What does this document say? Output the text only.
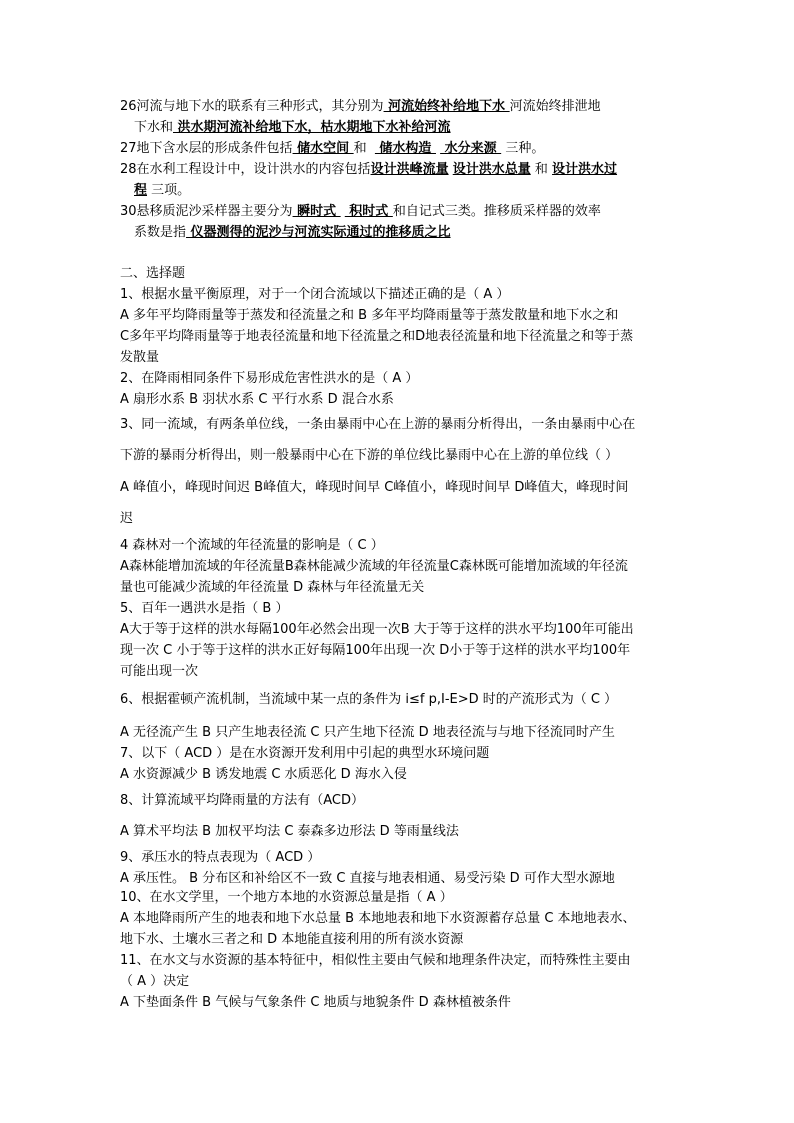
26河流与地下水的联系有三种形式，其分别为 河流始终补给地下水 河流始终排泄地
下水和 洪水期河流补给地下水，枯水期地下水补给河流
27地下含水层的形成条件包括 储水空间 和   储水构造   水分来源  三种。
28在水利工程设计中，设计洪水的内容包括设计洪峰流量 设计洪水总量 和 设计洪水过
程 三项。
30悬移质泥沙采样器主要分为 瞬时式   积时式 和自记式三类。推移质采样器的效率
系数是指 仪器测得的泥沙与河流实际通过的推移质之比
二、选择题
1、根据水量平衡原理，对于一个闭合流域以下描述正确的是（ A ）
A 多年平均降雨量等于蒸发和径流量之和 B 多年平均降雨量等于蒸发散量和地下水之和
C多年平均降雨量等于地表径流量和地下径流量之和D地表径流量和地下径流量之和等于蒸
发散量
2、在降雨相同条件下易形成危害性洪水的是（ A ）
A 扇形水系 B 羽状水系 C 平行水系 D 混合水系
3、同一流域，有两条单位线，一条由暴雨中心在上游的暴雨分析得出，一条由暴雨中心在
下游的暴雨分析得出，则一般暴雨中心在下游的单位线比暴雨中心在上游的单位线（ ）
A 峰值小，峰现时间迟 B峰值大，峰现时间早 C峰值小，峰现时间早 D峰值大，峰现时间
迟
4 森林对一个流域的年径流量的影响是（ C ）
A森林能增加流域的年径流量B森林能减少流域的年径流量C森林既可能增加流域的年径流
量也可能减少流域的年径流量 D 森林与年径流量无关
5、百年一遇洪水是指（ B ）
A大于等于这样的洪水每隔100年必然会出现一次B 大于等于这样的洪水平均100年可能出
现一次 C 小于等于这样的洪水正好每隔100年出现一次 D小于等于这样的洪水平均100年
可能出现一次
6、根据霍顿产流机制，当流域中某一点的条件为 i≤f p,I-E>D 时的产流形式为（ C ）
A 无径流产生 B 只产生地表径流 C 只产生地下径流 D 地表径流与与地下径流同时产生
7、以下（ ACD ）是在水资源开发利用中引起的典型水环境问题
A 水资源减少 B 诱发地震 C 水质恶化 D 海水入侵
8、计算流域平均降雨量的方法有（ACD）
A 算术平均法 B 加权平均法 C 泰森多边形法 D 等雨量线法
9、承压水的特点表现为（ ACD ）
A 承压性。 B 分布区和补给区不一致 C 直接与地表相通、易受污染 D 可作大型水源地
10、在水文学里，一个地方本地的水资源总量是指（ A ）
A 本地降雨所产生的地表和地下水总量 B 本地地表和地下水资源蓄存总量 C 本地地表水、
地下水、土壤水三者之和 D 本地能直接利用的所有淡水资源
11、在水文与水资源的基本特征中，相似性主要由气候和地理条件决定，而特殊性主要由
（ A ）决定
A 下垫面条件 B 气候与气象条件 C 地质与地貌条件 D 森林植被条件
